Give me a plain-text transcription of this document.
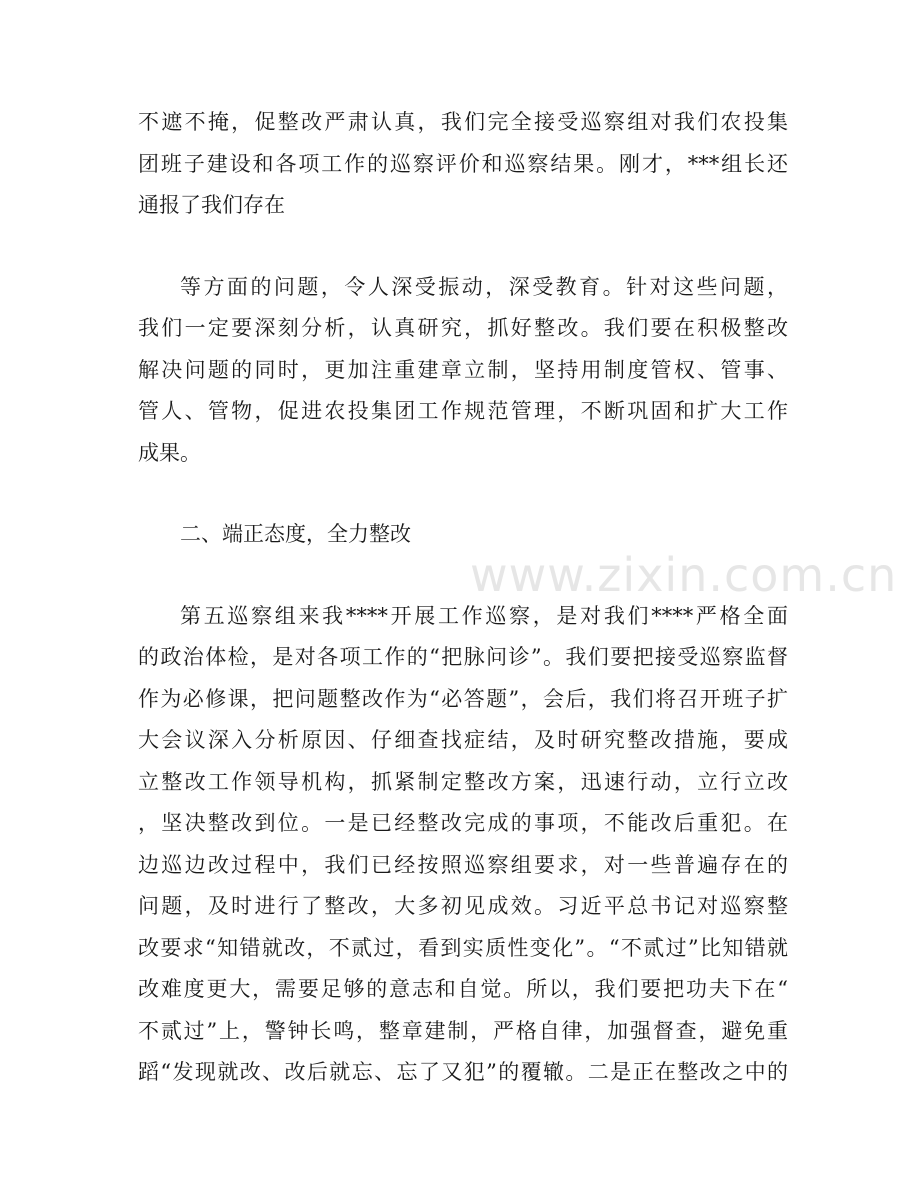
www.zixin.com.cn
不遮不掩，促整改严肃认真，我们完全接受巡察组对我们农投集
团班子建设和各项工作的巡察评价和巡察结果。刚才，***组长还
通报了我们存在
等方面的问题，令人深受振动，深受教育。针对这些问题，
我们一定要深刻分析，认真研究，抓好整改。我们要在积极整改
解决问题的同时，更加注重建章立制，坚持用制度管权、管事、
管人、管物，促进农投集团工作规范管理，不断巩固和扩大工作
成果。
二、端正态度，全力整改
第五巡察组来我****开展工作巡察，是对我们****严格全面
的政治体检，是对各项工作的“把脉问诊”。我们要把接受巡察监督
作为必修课，把问题整改作为“必答题”，会后，我们将召开班子扩
大会议深入分析原因、仔细查找症结，及时研究整改措施，要成
立整改工作领导机构，抓紧制定整改方案，迅速行动，立行立改
，坚决整改到位。一是已经整改完成的事项，不能改后重犯。在
边巡边改过程中，我们已经按照巡察组要求，对一些普遍存在的
问题，及时进行了整改，大多初见成效。习近平总书记对巡察整
改要求“知错就改，不贰过，看到实质性变化”。“不贰过”比知错就
改难度更大，需要足够的意志和自觉。所以，我们要把功夫下在“
不贰过”上，警钟长鸣，整章建制，严格自律，加强督查，避免重
蹈“发现就改、改后就忘、忘了又犯”的覆辙。二是正在整改之中的
